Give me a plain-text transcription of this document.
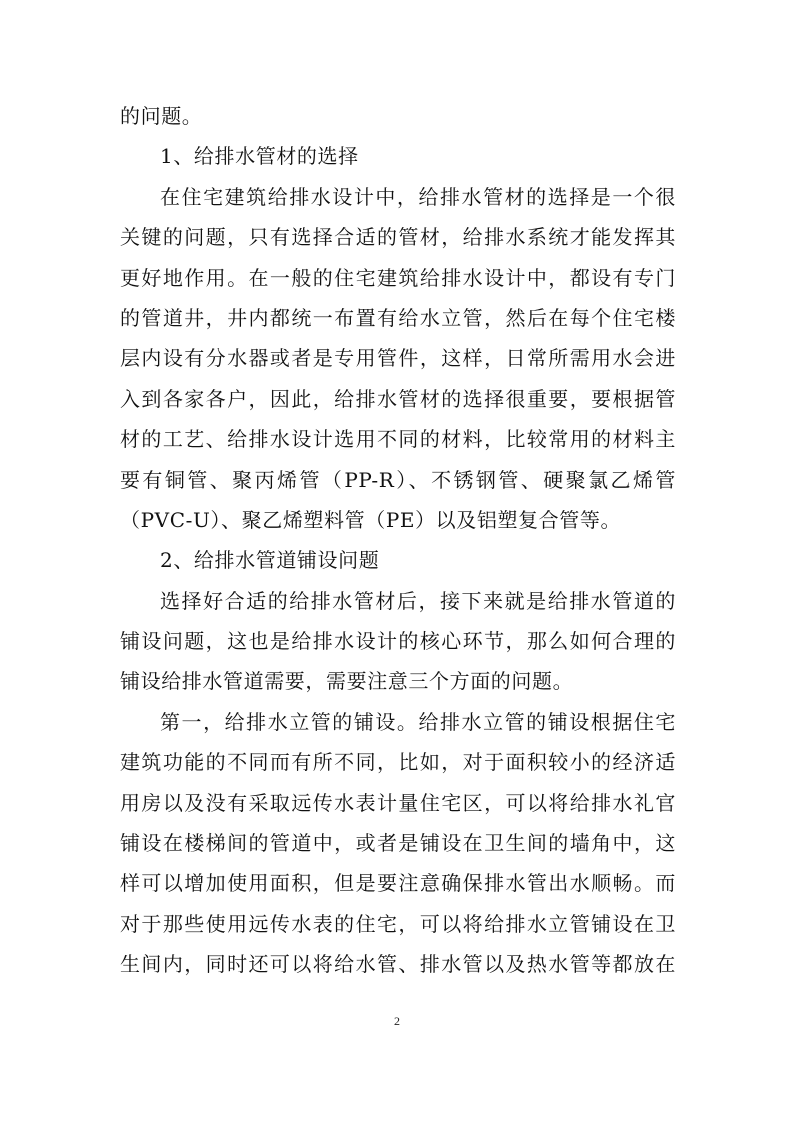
的问题。
1、给排水管材的选择
在住宅建筑给排水设计中，给排水管材的选择是一个很
关键的问题，只有选择合适的管材，给排水系统才能发挥其
更好地作用。在一般的住宅建筑给排水设计中，都设有专门
的管道井，井内都统一布置有给水立管，然后在每个住宅楼
层内设有分水器或者是专用管件，这样，日常所需用水会进
入到各家各户，因此，给排水管材的选择很重要，要根据管
材的工艺、给排水设计选用不同的材料，比较常用的材料主
要有铜管、聚丙烯管（PP-R）、不锈钢管、硬聚氯乙烯管
（PVC-U）、聚乙烯塑料管（PE）以及铝塑复合管等。
2、给排水管道铺设问题
选择好合适的给排水管材后，接下来就是给排水管道的
铺设问题，这也是给排水设计的核心环节，那么如何合理的
铺设给排水管道需要，需要注意三个方面的问题。
第一，给排水立管的铺设。给排水立管的铺设根据住宅
建筑功能的不同而有所不同，比如，对于面积较小的经济适
用房以及没有采取远传水表计量住宅区，可以将给排水礼官
铺设在楼梯间的管道中，或者是铺设在卫生间的墙角中，这
样可以增加使用面积，但是要注意确保排水管出水顺畅。而
对于那些使用远传水表的住宅，可以将给排水立管铺设在卫
生间内，同时还可以将给水管、排水管以及热水管等都放在
2
